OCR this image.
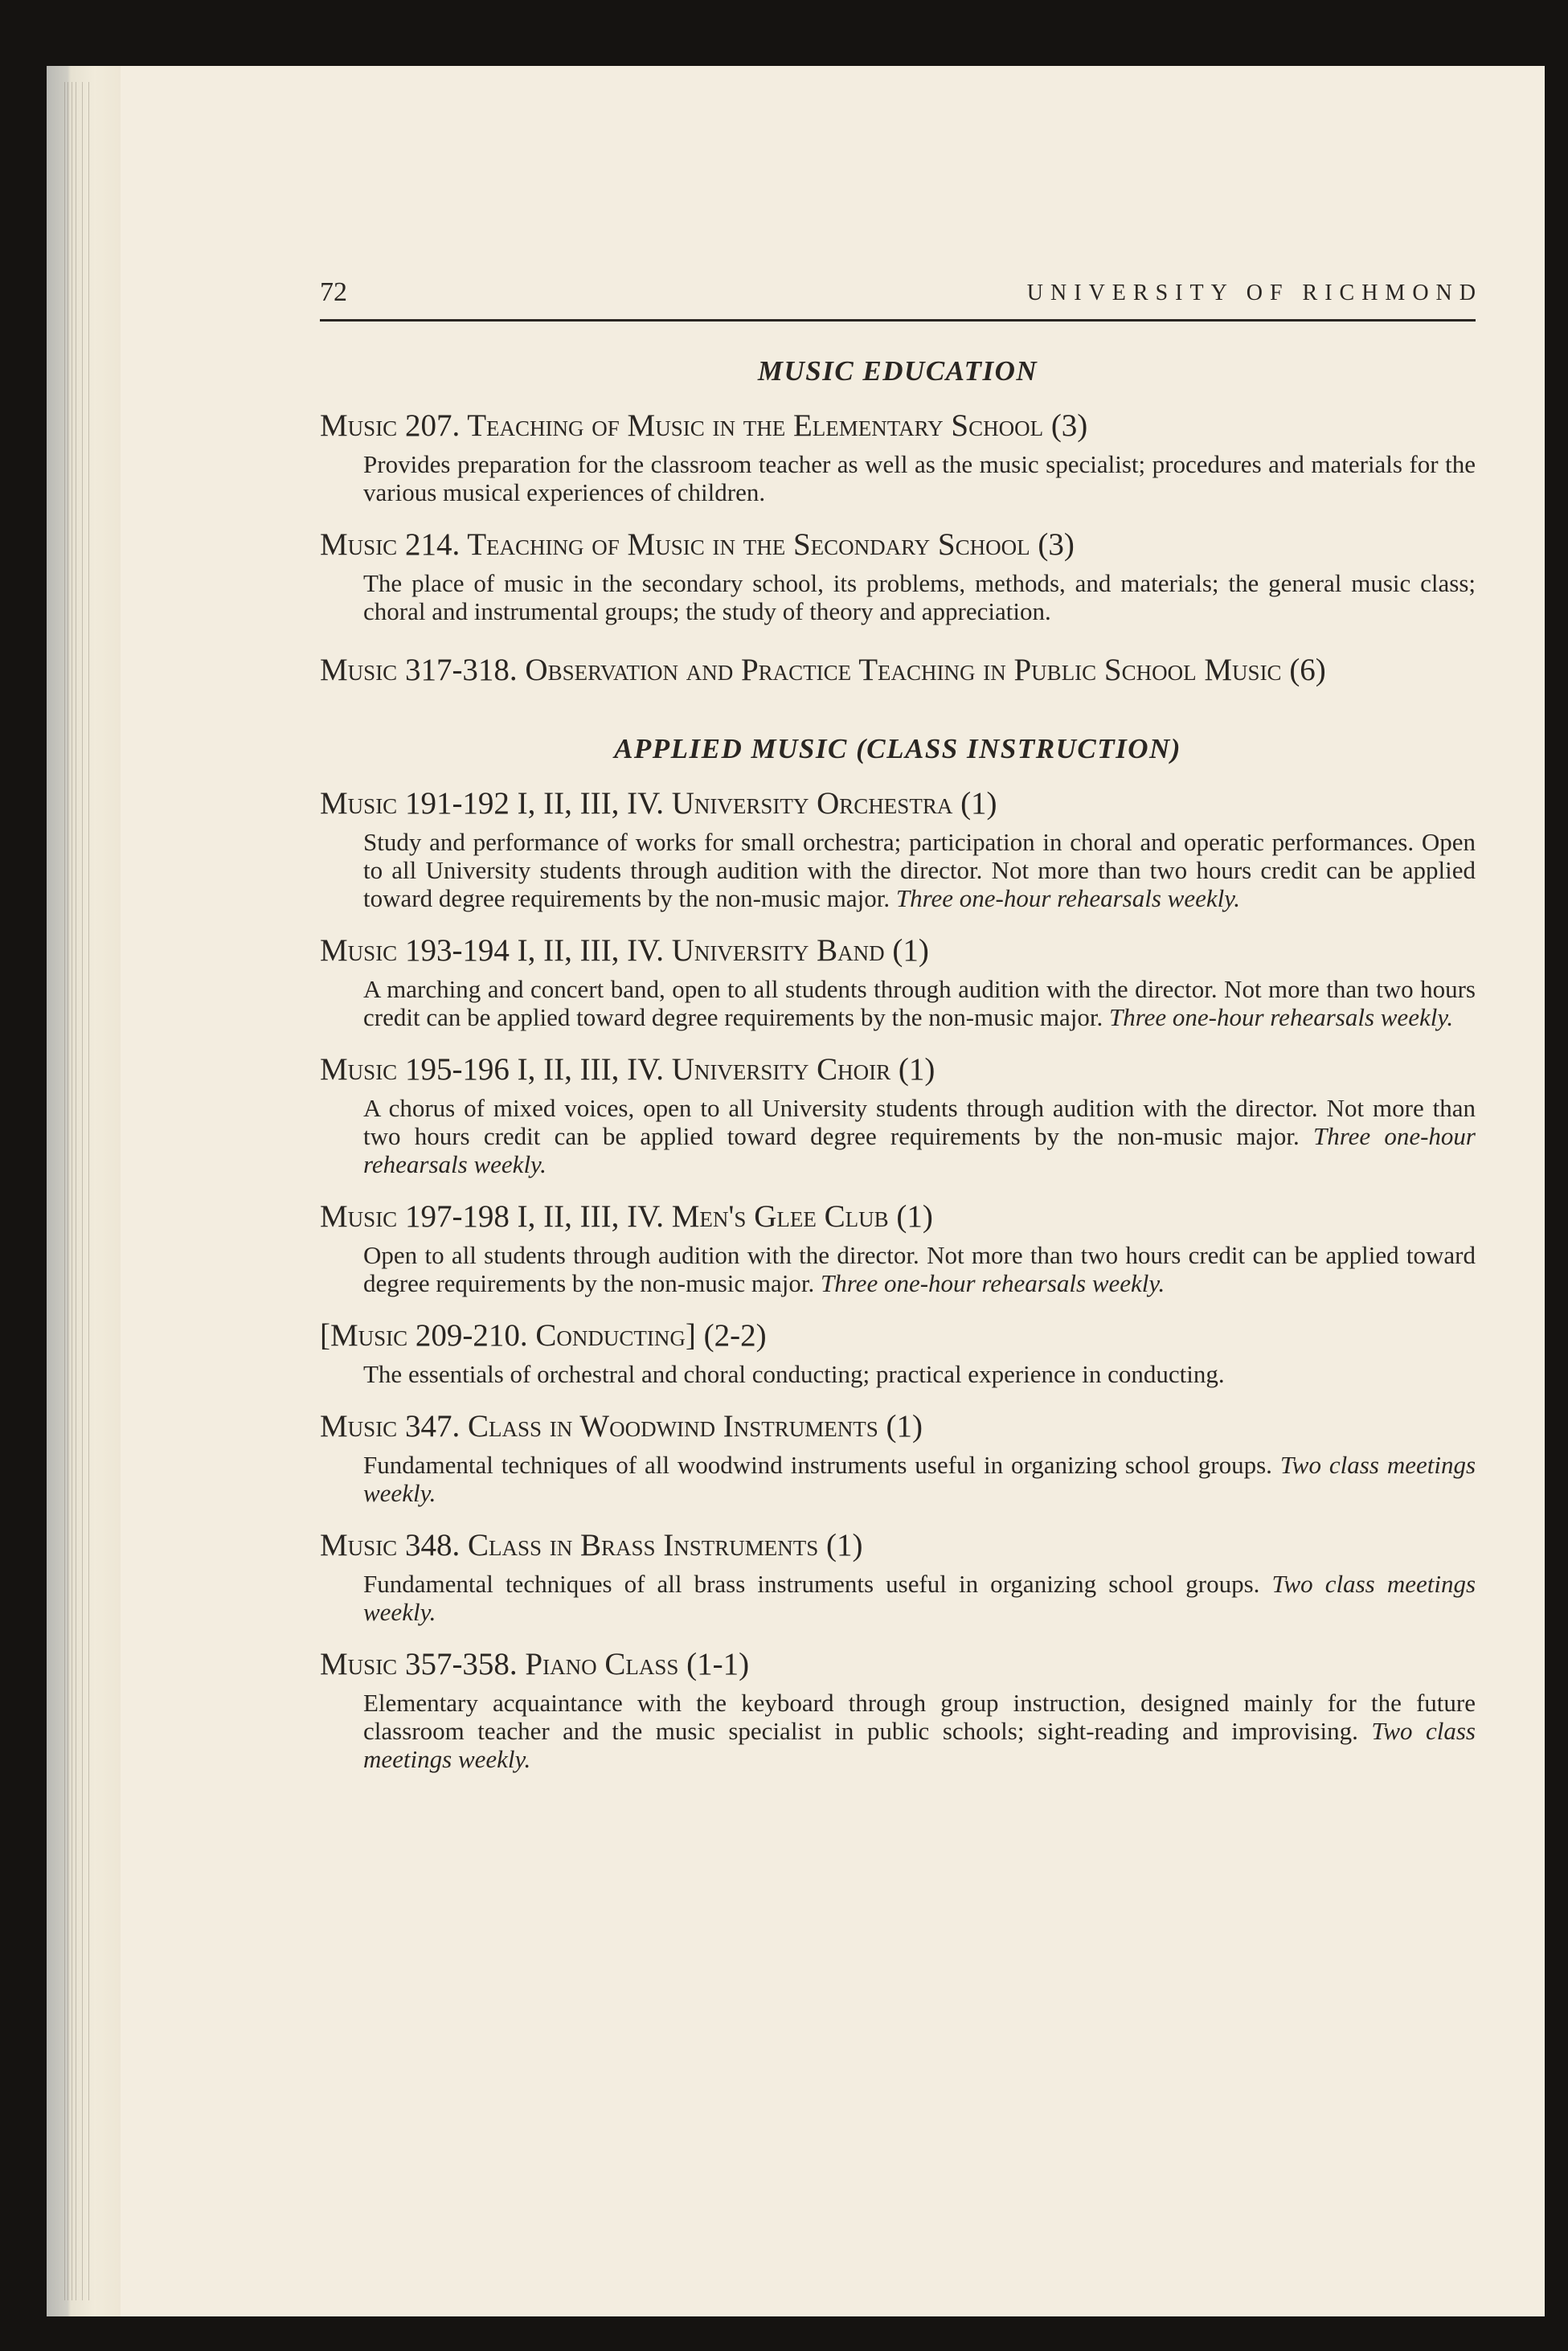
72	UNIVERSITY OF RICHMOND
MUSIC EDUCATION

Music 207. Teaching of Music in the Elementary School (3)

Provides preparation for the classroom teacher as well as the music specialist; procedures and materials for the various musical experiences of children.

Music 214. Teaching of Music in the Secondary School (3)

The place of music in the secondary school, its problems, methods, and materials; the general music class; choral and instrumental groups; the study of theory and appreciation.

Music 317-318. Observation and Practice Teaching in Public School Music (6)

APPLIED MUSIC (CLASS INSTRUCTION)

Music 191-192 I, II, III, IV. University Orchestra (1)

Study and performance of works for small orchestra; participation in choral and operatic performances. Open to all University students through audition with the director. Not more than two hours credit can be applied toward degree requirements by the non-music major. Three one-hour rehearsals weekly.

Music 193-194 I, II, III, IV. University Band (1)

A marching and concert band, open to all students through audition with the director. Not more than two hours credit can be applied toward degree requirements by the non-music major. Three one-hour rehearsals weekly.

Music 195-196 I, II, III, IV. University Choir (1)

A chorus of mixed voices, open to all University students through audition with the director. Not more than two hours credit can be applied toward degree requirements by the non-music major. Three one-hour rehearsals weekly.

Music 197-198 I, II, III, IV. Men's Glee Club (1)

Open to all students through audition with the director. Not more than two hours credit can be applied toward degree requirements by the non-music major. Three one-hour rehearsals weekly.

[Music 209-210. Conducting] (2-2)

The essentials of orchestral and choral conducting; practical experience in conducting.

Music 347. Class in Woodwind Instruments (1)

Fundamental techniques of all woodwind instruments useful in organizing school groups. Two class meetings weekly.

Music 348. Class in Brass Instruments (1)

Fundamental techniques of all brass instruments useful in organizing school groups. Two class meetings weekly.

Music 357-358. Piano Class (1-1)

Elementary acquaintance with the keyboard through group instruction, designed mainly for the future classroom teacher and the music specialist in public schools; sight-reading and improvising. Two class meetings weekly.
